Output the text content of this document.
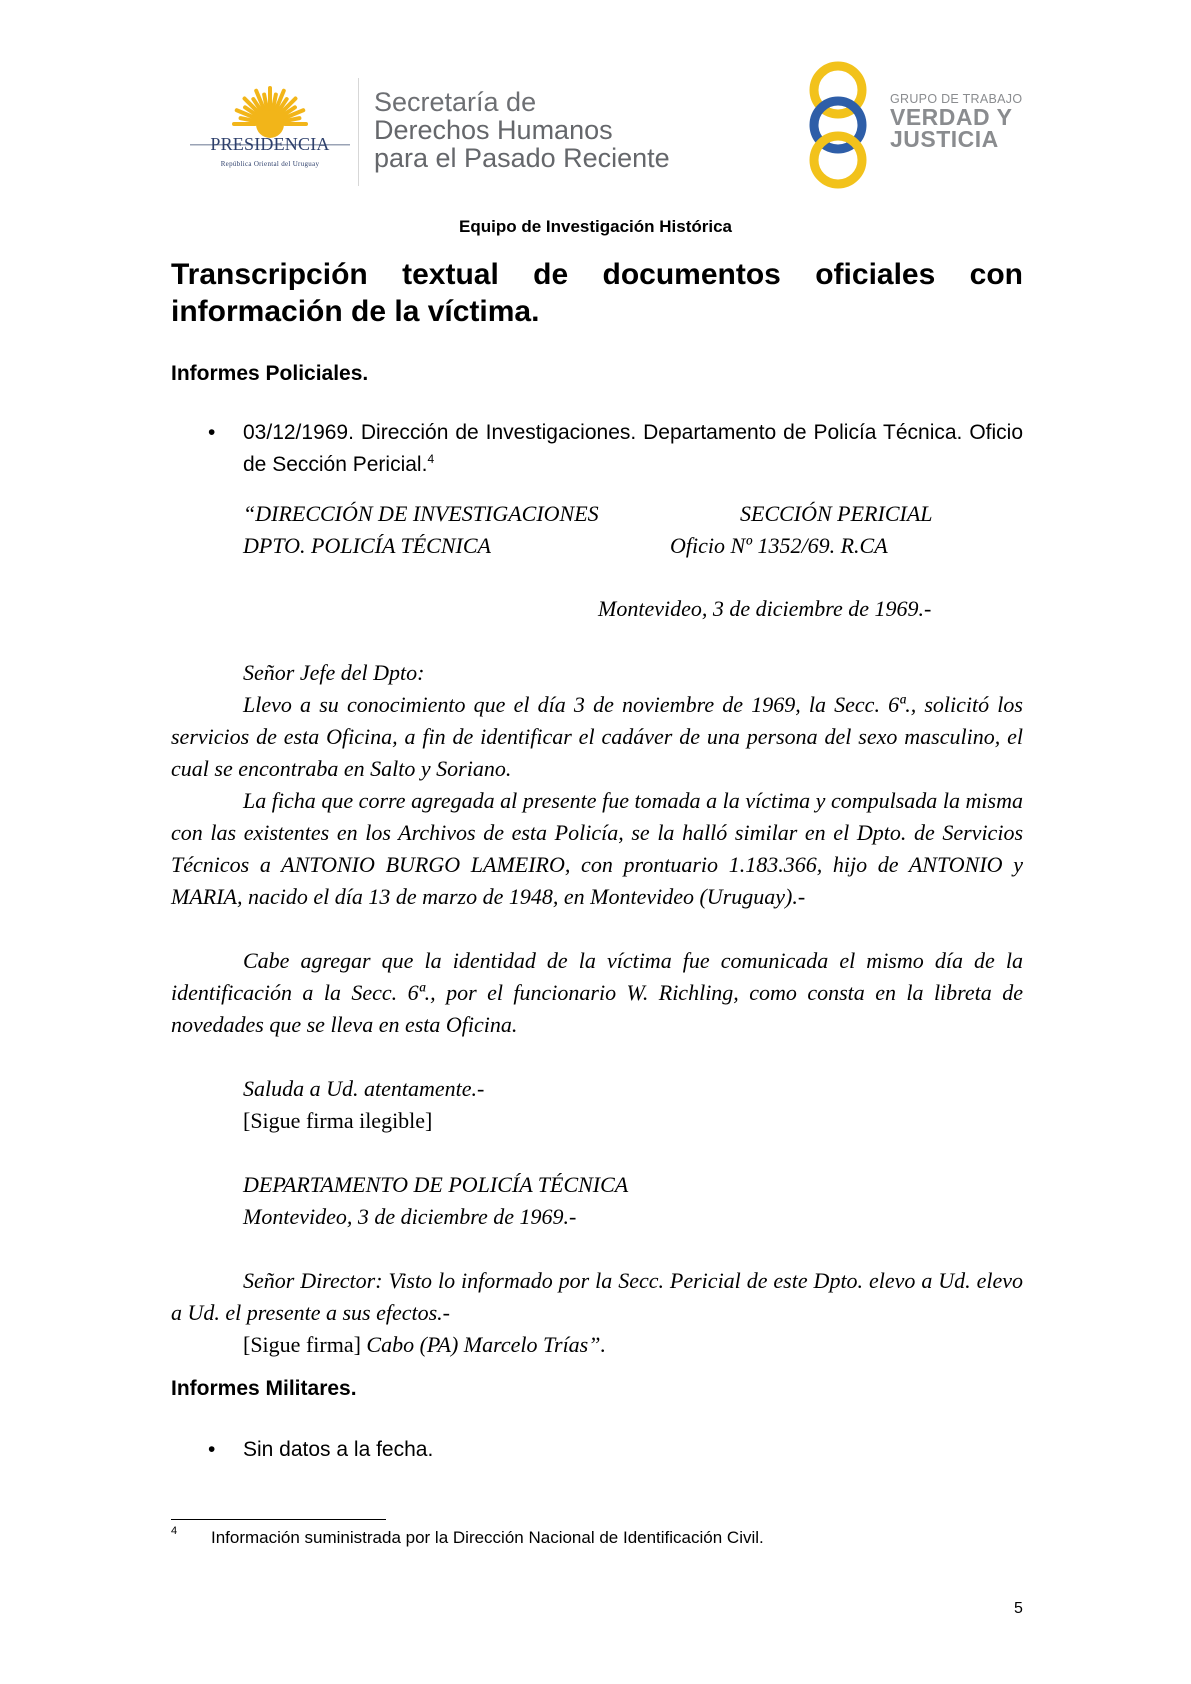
PRESIDENCIA
República Oriental del Uruguay
Secretaría de
Derechos Humanos
para el Pasado Reciente
GRUPO DE TRABAJO
VERDAD Y
JUSTICIA
Equipo de Investigación Histórica
Transcripción textual de documentos oficiales con información de la víctima.
Informes Policiales.
• 03/12/1969. Dirección de Investigaciones. Departamento de Policía Técnica. Oficio de Sección Pericial.$^4$
“DIRECCIÓN DE INVESTIGACIONES	SECCIÓN PERICIAL
DPTO. POLICÍA TÉCNICA	Oficio Nº 1352/69. R.CA
Montevideo, 3 de diciembre de 1969.-
Señor Jefe del Dpto:

Llevo a su conocimiento que el día 3 de noviembre de 1969, la Secc. 6ª., solicitó los servicios de esta Oficina, a fin de identificar el cadáver de una persona del sexo masculino, el cual se encontraba en Salto y Soriano.

La ficha que corre agregada al presente fue tomada a la víctima y compulsada la misma con las existentes en los Archivos de esta Policía, se la halló similar en el Dpto. de Servicios Técnicos a ANTONIO BURGO LAMEIRO, con prontuario 1.183.366, hijo de ANTONIO y MARIA, nacido el día 13 de marzo de 1948, en Montevideo (Uruguay).-

Cabe agregar que la identidad de la víctima fue comunicada el mismo día de la identificación a la Secc. 6ª., por el funcionario W. Richling, como consta en la libreta de novedades que se lleva en esta Oficina.

Saluda a Ud. atentamente.-
[Sigue firma ilegible]
DEPARTAMENTO DE POLICÍA TÉCNICA
Montevideo, 3 de diciembre de 1969.-

Señor Director: Visto lo informado por la Secc. Pericial de este Dpto. elevo a Ud. elevo a Ud. el presente a sus efectos.-

[Sigue firma] Cabo (PA) Marcelo Trías”.
Informes Militares.
• Sin datos a la fecha.
4 Información suministrada por la Dirección Nacional de Identificación Civil.
5
